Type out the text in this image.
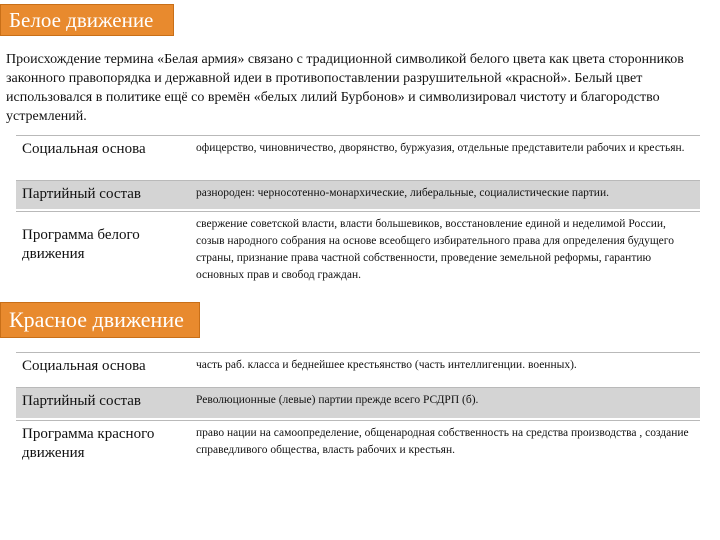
Белое движение
Происхождение термина «Белая армия» связано с традиционной символикой белого цвета как цвета сторонников законного правопорядка и державной идеи в противопоставлении разрушительной «красной». Белый цвет использовался в политике ещё со времён «белых лилий Бурбонов» и символизировал чистоту и благородство устремлений.
Социальная основа	офицерство, чиновничество, дворянство, буржуазия, отдельные представители рабочих и крестьян.
Партийный состав	разнороден: черносотенно-монархические, либеральные, социалистические партии.
Программа белого движения	свержение советской власти, власти большевиков, восстановление единой и неделимой России, созыв народного собрания на основе всеобщего избирательного права для определения будущего страны, признание права частной собственности, проведение земельной реформы, гарантию основных прав и свобод граждан.
Красное движение
Социальная основа	часть раб. класса и беднейшее крестьянство (часть интеллигенции. военных).
Партийный состав	Революционные (левые) партии прежде всего РСДРП (б).
Программа красного движения	право нации на самоопределение, общенародная собственность на средства производства , создание справедливого общества, власть рабочих и крестьян.
